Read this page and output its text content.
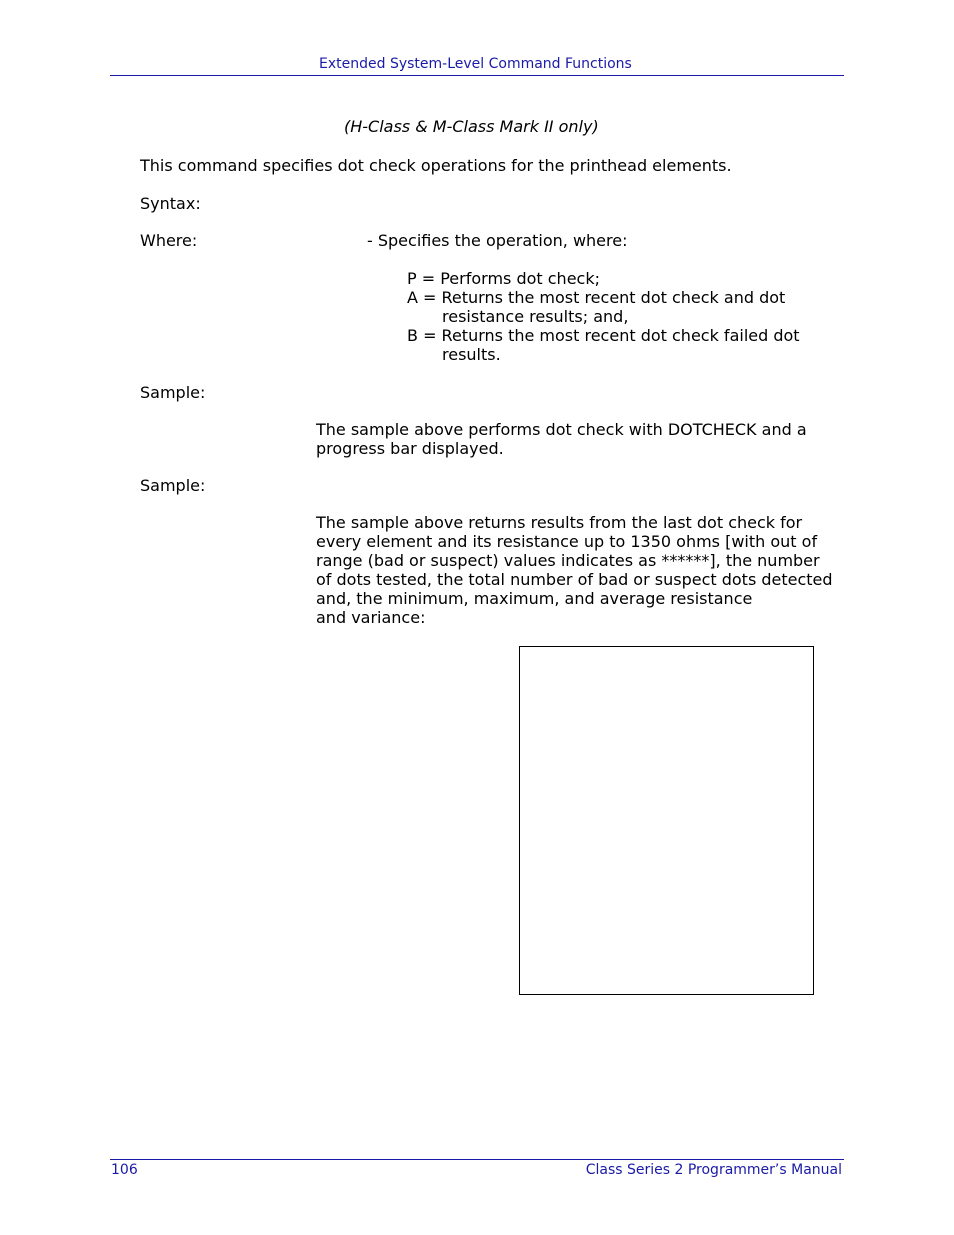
Extended System-Level Command Functions
(H-Class & M-Class Mark II only)
This command specifies dot check operations for the printhead elements.
Syntax:
Where:	- Specifies the operation, where:
P = Performs dot check;
A = Returns the most recent dot check and dot
resistance results; and,
B = Returns the most recent dot check failed dot
results.
Sample:
The sample above performs dot check with DOTCHECK and a
progress bar displayed.
Sample:
The sample above returns results from the last dot check for
every element and its resistance up to 1350 ohms [with out of
range (bad or suspect) values indicates as ******], the number
of dots tested, the total number of bad or suspect dots detected
and, the minimum, maximum, and average resistance
and variance:
106	Class Series 2 Programmer’s Manual
